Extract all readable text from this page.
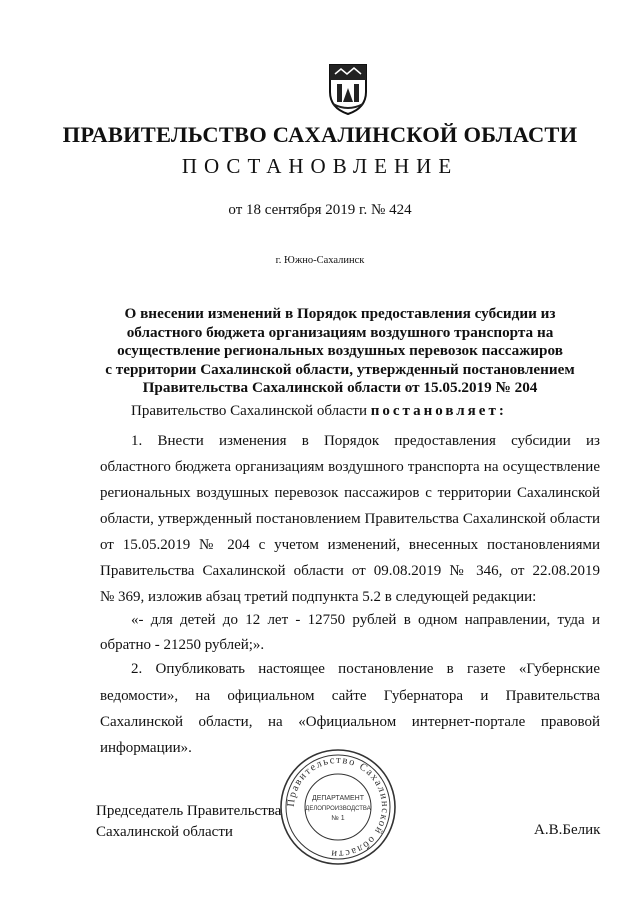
ПРАВИТЕЛЬСТВО САХАЛИНСКОЙ ОБЛАСТИ
ПОСТАНОВЛЕНИЕ
от 18 сентября 2019 г. № 424
г. Южно-Сахалинск
О внесении изменений в Порядок предоставления субсидии из
областного бюджета организациям воздушного транспорта на
осуществление региональных воздушных перевозок пассажиров
с территории Сахалинской области, утвержденный постановлением
Правительства Сахалинской области от 15.05.2019 № 204
Правительство Сахалинской области постановляет:
1. Внести изменения в Порядок предоставления субсидии из
областного бюджета организациям воздушного транспорта на осуществление
региональных воздушных перевозок пассажиров с территории Сахалинской
области, утвержденный постановлением Правительства Сахалинской области
от 15.05.2019 № 204 с учетом изменений, внесенных постановлениями
Правительства Сахалинской области от 09.08.2019 № 346, от 22.08.2019
№ 369, изложив абзац третий подпункта 5.2 в следующей редакции:
«- для детей до 12 лет - 12750 рублей в одном направлении, туда и
обратно - 21250 рублей;».
2. Опубликовать настоящее постановление в газете «Губернские
ведомости», на официальном сайте Губернатора и Правительства
Сахалинской области, на «Официальном интернет-портале правовой
информации».
Председатель Правительства
Сахалинской области	А.В.Белик
Правительство Сахалинской области
ДЕПАРТАМЕНТ
ДЕЛОПРОИЗВОДСТВА
№ 1
